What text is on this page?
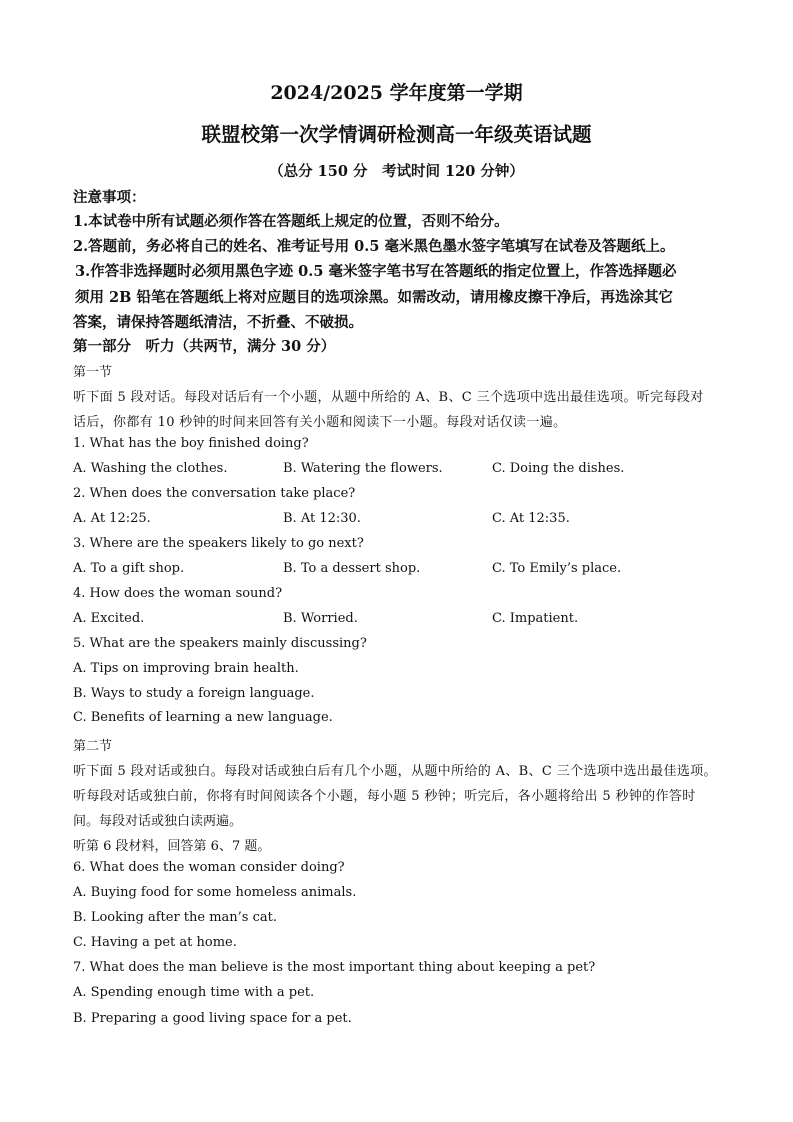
2024/2025 学年度第一学期
联盟校第一次学情调研检测高一年级英语试题
（总分 150 分　考试时间 120 分钟）
注意事项：
1.本试卷中所有试题必须作答在答题纸上规定的位置，否则不给分。
2.答题前，务必将自己的姓名、准考证号用 0.5 毫米黑色墨水签字笔填写在试卷及答题纸上。
3.作答非选择题时必须用黑色字迹 0.5 毫米签字笔书写在答题纸的指定位置上，作答选择题必
须用 2B 铅笔在答题纸上将对应题目的选项涂黑。如需改动，请用橡皮擦干净后，再选涂其它
答案，请保持答题纸清洁，不折叠、不破损。
第一部分　听力（共两节，满分 30 分）
第一节
听下面 5 段对话。每段对话后有一个小题，从题中所给的 A、B、C 三个选项中选出最佳选项。听完每段对
话后，你都有 10 秒钟的时间来回答有关小题和阅读下一小题。每段对话仅读一遍。
1. What has the boy finished doing?
A. Washing the clothes.	B. Watering the flowers.	C. Doing the dishes.
2. When does the conversation take place?
A. At 12:25.	B. At 12:30.	C. At 12:35.
3. Where are the speakers likely to go next?
A. To a gift shop.	B. To a dessert shop.	C. To Emily’s place.
4. How does the woman sound?
A. Excited.	B. Worried.	C. Impatient.
5. What are the speakers mainly discussing?
A. Tips on improving brain health.
B. Ways to study a foreign language.
C. Benefits of learning a new language.
第二节
听下面 5 段对话或独白。每段对话或独白后有几个小题，从题中所给的 A、B、C 三个选项中选出最佳选项。
听每段对话或独白前，你将有时间阅读各个小题，每小题 5 秒钟；听完后，各小题将给出 5 秒钟的作答时
间。每段对话或独白读两遍。
听第 6 段材料，回答第 6、7 题。
6. What does the woman consider doing?
A. Buying food for some homeless animals.
B. Looking after the man’s cat.
C. Having a pet at home.
7. What does the man believe is the most important thing about keeping a pet?
A. Spending enough time with a pet.
B. Preparing a good living space for a pet.
